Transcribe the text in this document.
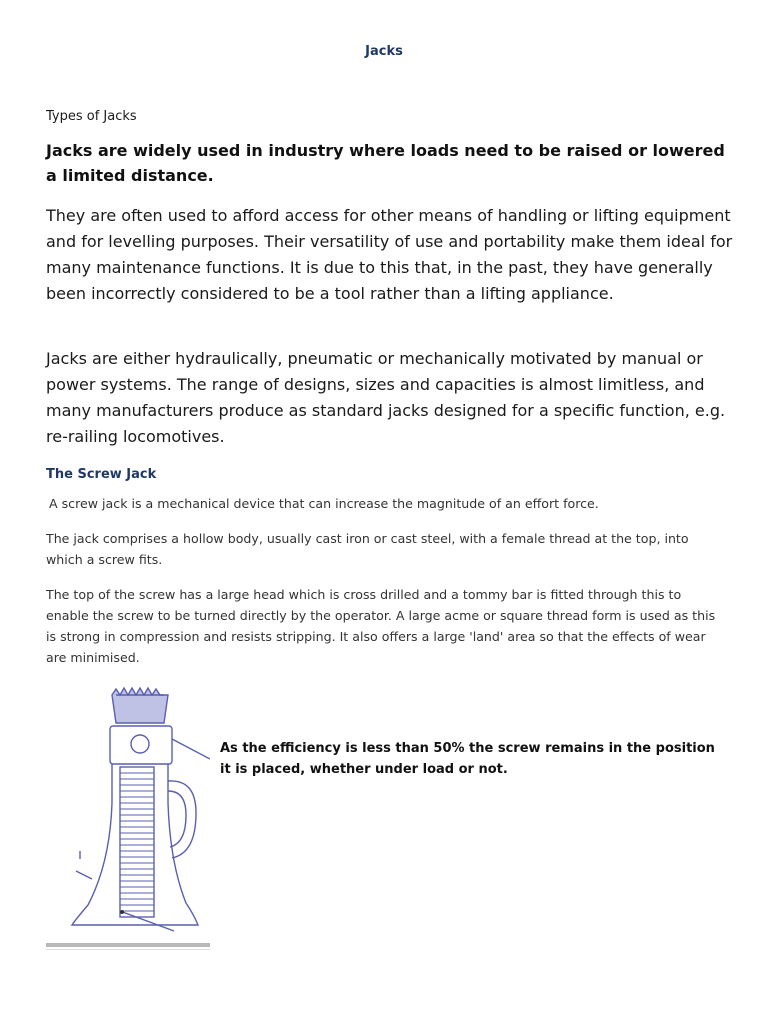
Jacks
Types of Jacks
Jacks are widely used in industry where loads need to be raised or lowered a limited distance.
They are often used to afford access for other means of handling or lifting equipment and for levelling purposes. Their versatility of use and portability make them ideal for many maintenance functions. It is due to this that, in the past, they have generally been incorrectly considered to be a tool rather than a lifting appliance.
Jacks are either hydraulically, pneumatic or mechanically motivated by manual or power systems. The range of designs, sizes and capacities is almost limitless, and many manufacturers produce as standard jacks designed for a specific function, e.g. re-railing locomotives.
The Screw Jack
A screw jack is a mechanical device that can increase the magnitude of an effort force.
The jack comprises a hollow body, usually cast iron or cast steel, with a female thread at the top, into which a screw fits.
The top of the screw has a large head which is cross drilled and a tommy bar is fitted through this to enable the screw to be turned directly by the operator. A large acme or square thread form is used as this is strong in compression and resists stripping. It also offers a large 'land' area so that the effects of wear are minimised.
As the efficiency is less than 50% the screw remains in the position it is placed, whether under load or not.
